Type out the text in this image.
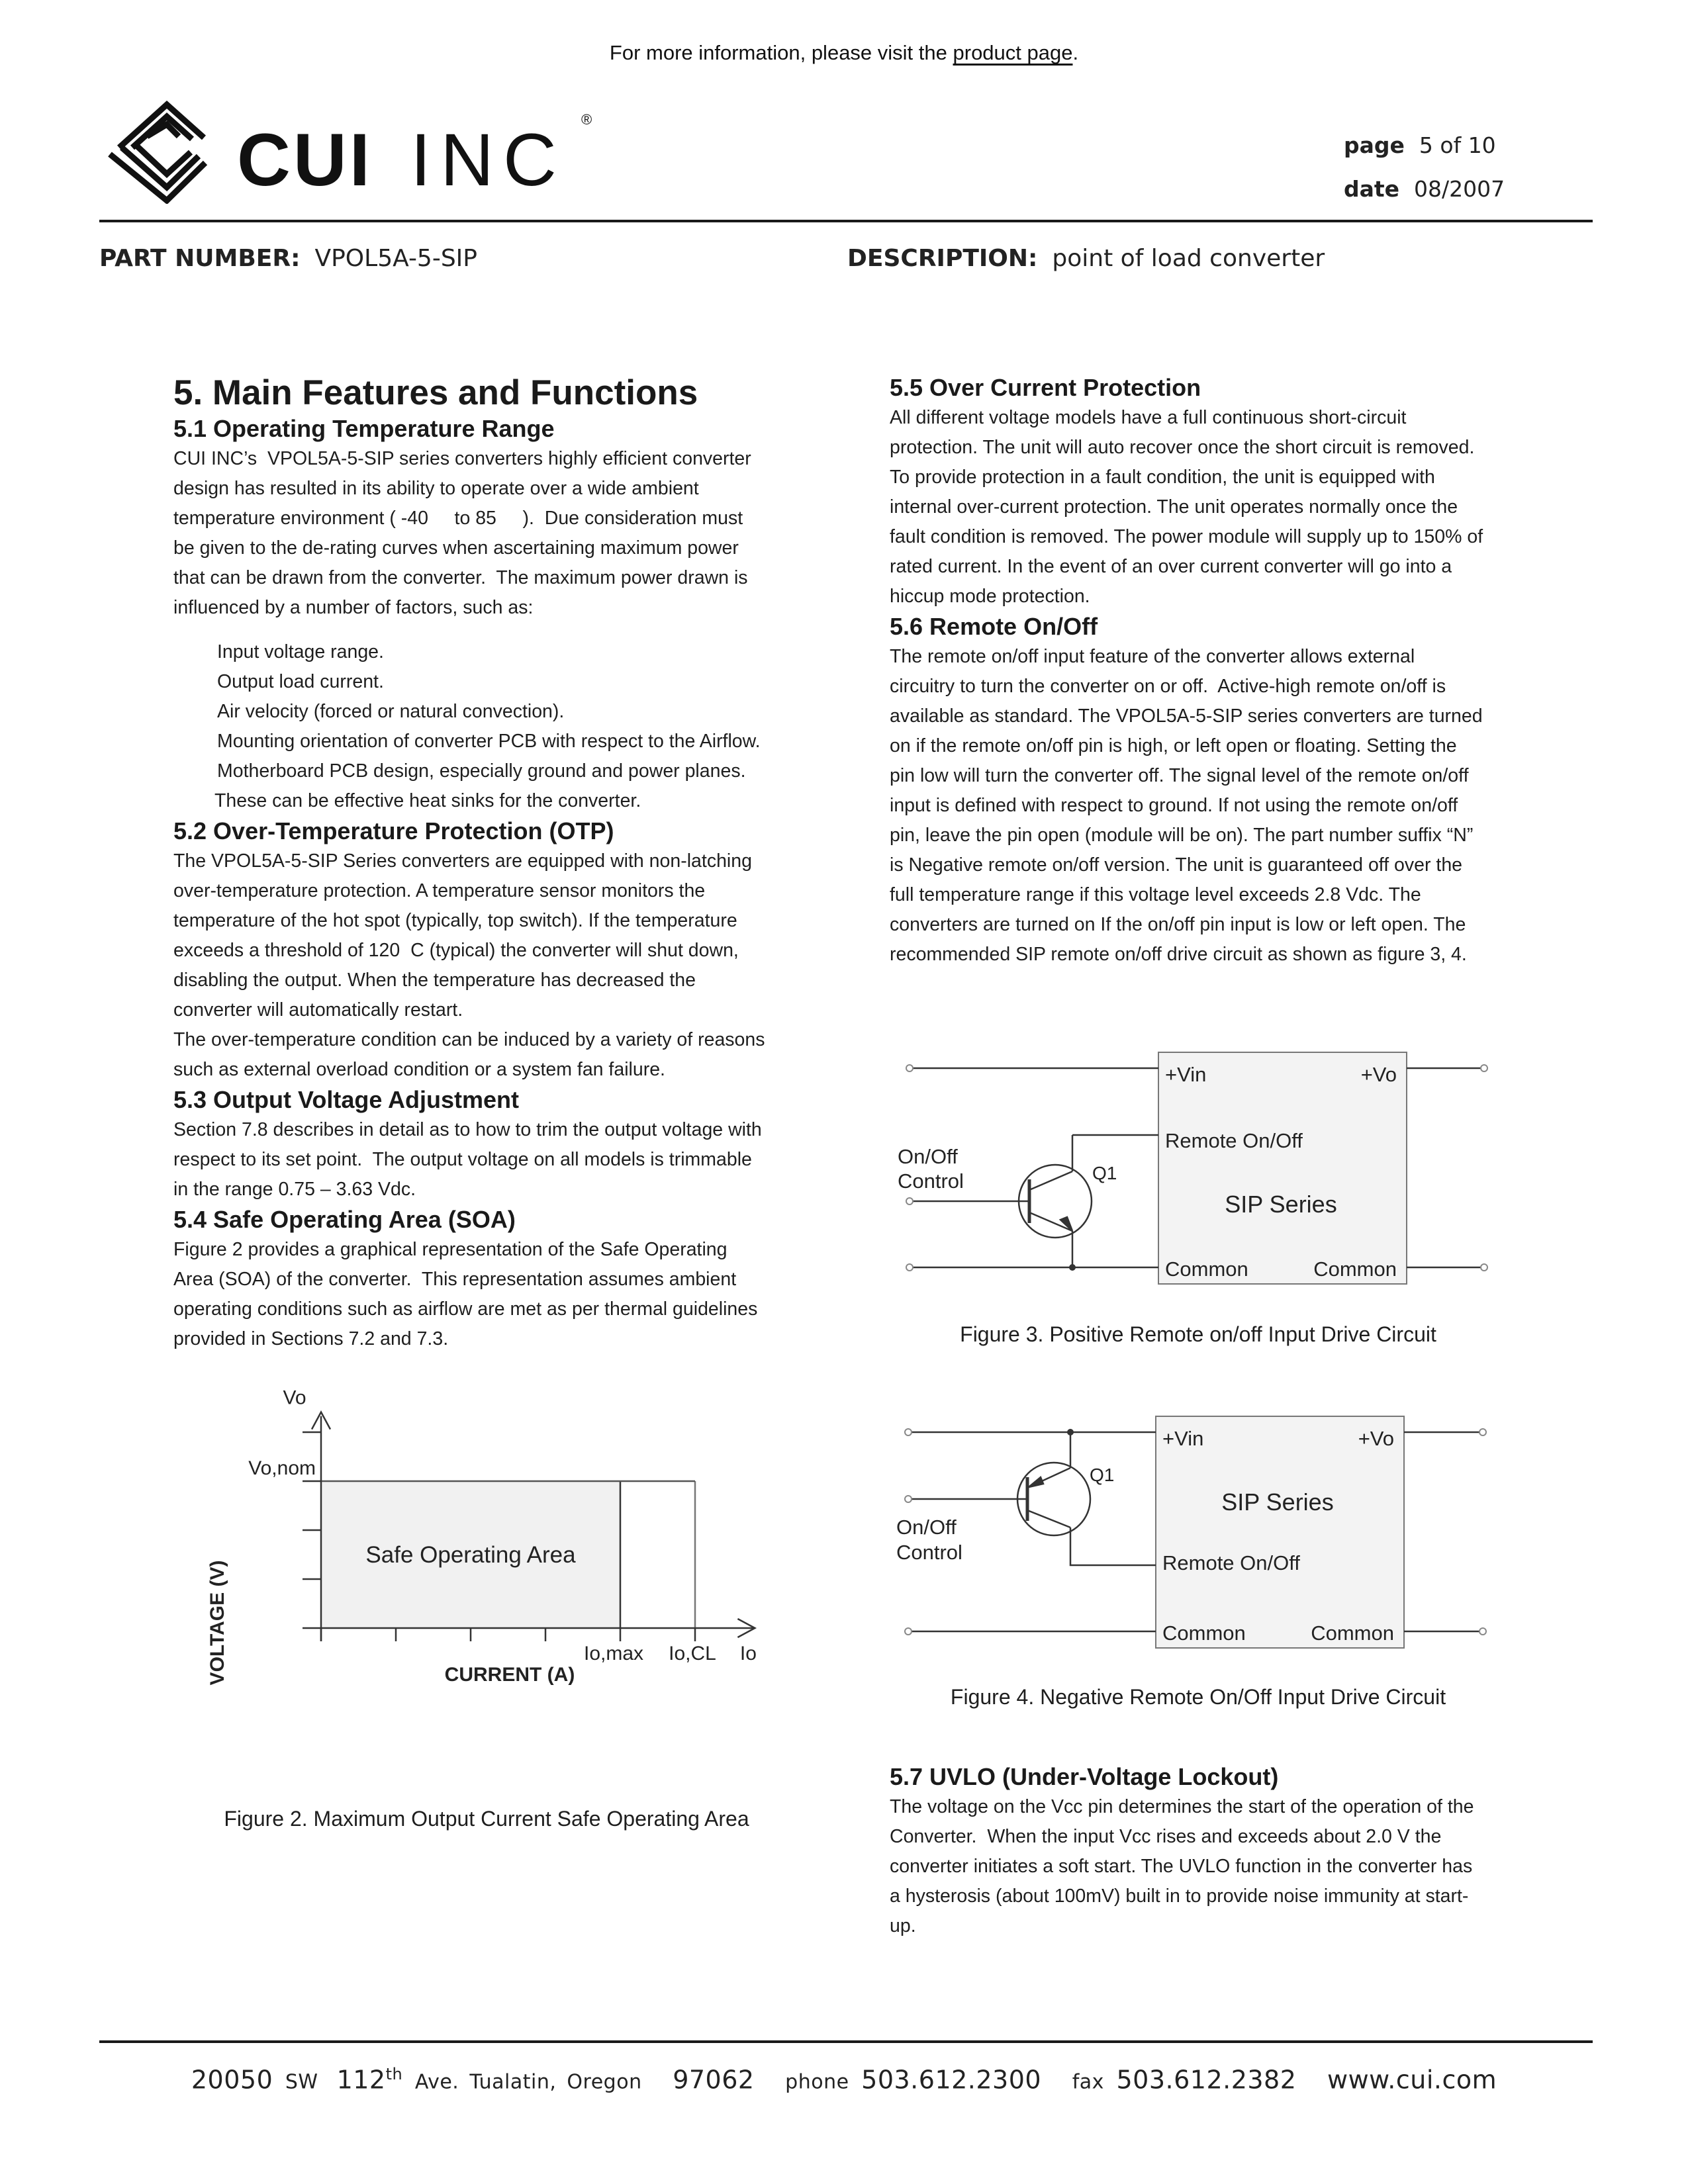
For more information, please visit the product page.
CUI INC ®
page 5 of 10
date 08/2007
PART NUMBER: VPOL5A-5-SIP	DESCRIPTION: point of load converter
5. Main Features and Functions
5.1 Operating Temperature Range

CUI INC’s  VPOL5A-5-SIP series converters highly efficient converter

design has resulted in its ability to operate over a wide ambient

temperature environment ( -40     to 85     ).  Due consideration must

be given to the de-rating curves when ascertaining maximum power

that can be drawn from the converter.  The maximum power drawn is

influenced by a number of factors, such as:

Input voltage range.

Output load current.

Air velocity (forced or natural convection).

Mounting orientation of converter PCB with respect to the Airflow.

Motherboard PCB design, especially ground and power planes.

These can be effective heat sinks for the converter.

5.2 Over-Temperature Protection (OTP)

The VPOL5A-5-SIP Series converters are equipped with non-latching

over-temperature protection. A temperature sensor monitors the

temperature of the hot spot (typically, top switch). If the temperature

exceeds a threshold of 120  C (typical) the converter will shut down,

disabling the output. When the temperature has decreased the

converter will automatically restart.

The over-temperature condition can be induced by a variety of reasons

such as external overload condition or a system fan failure.

5.3 Output Voltage Adjustment

Section 7.8 describes in detail as to how to trim the output voltage with

respect to its set point.  The output voltage on all models is trimmable

in the range 0.75 – 3.63 Vdc.

5.4 Safe Operating Area (SOA)

Figure 2 provides a graphical representation of the Safe Operating

Area (SOA) of the converter.  This representation assumes ambient

operating conditions such as airflow are met as per thermal guidelines

provided in Sections 7.2 and 7.3.

VOLTAGE (V)	CURRENT (A)
Safe Operating Area
Vo
Io
Vo,nom
Io,max Io,CL
Figure 2. Maximum Output Current Safe Operating Area
5.5 Over Current Protection

All different voltage models have a full continuous short-circuit

protection. The unit will auto recover once the short circuit is removed.

To provide protection in a fault condition, the unit is equipped with

internal over-current protection. The unit operates normally once the

fault condition is removed. The power module will supply up to 150% of

rated current. In the event of an over current converter will go into a

hiccup mode protection.

5.6 Remote On/Off

The remote on/off input feature of the converter allows external

circuitry to turn the converter on or off.  Active-high remote on/off is

available as standard. The VPOL5A-5-SIP series converters are turned

on if the remote on/off pin is high, or left open or floating. Setting the

pin low will turn the converter off. The signal level of the remote on/off

input is defined with respect to ground. If not using the remote on/off

pin, leave the pin open (module will be on). The part number suffix “N”

is Negative remote on/off version. The unit is guaranteed off over the

full temperature range if this voltage level exceeds 2.8 Vdc. The

converters are turned on If the on/off pin input is low or left open. The

recommended SIP remote on/off drive circuit as shown as figure 3, 4.

+Vin	+Vo
Remote On/Off
SIP Series
Common	Common
On/Off
Control	Q1
Figure 3. Positive Remote on/off Input Drive Circuit
+Vin	+Vo
SIP Series
Remote On/Off
Common	Common
On/Off
Control
Q1
Figure 4. Negative Remote On/Off Input Drive Circuit
5.7 UVLO (Under-Voltage Lockout)

The voltage on the Vcc pin determines the start of the operation of the

Converter.  When the input Vcc rises and exceeds about 2.0 V the

converter initiates a soft start. The UVLO function in the converter has

a hysterosis (about 100mV) built in to provide noise immunity at start-

up.

20050 SW 112th Ave. Tualatin, Oregon 97062 phone 503.612.2300 fax 503.612.2382 www.cui.com
